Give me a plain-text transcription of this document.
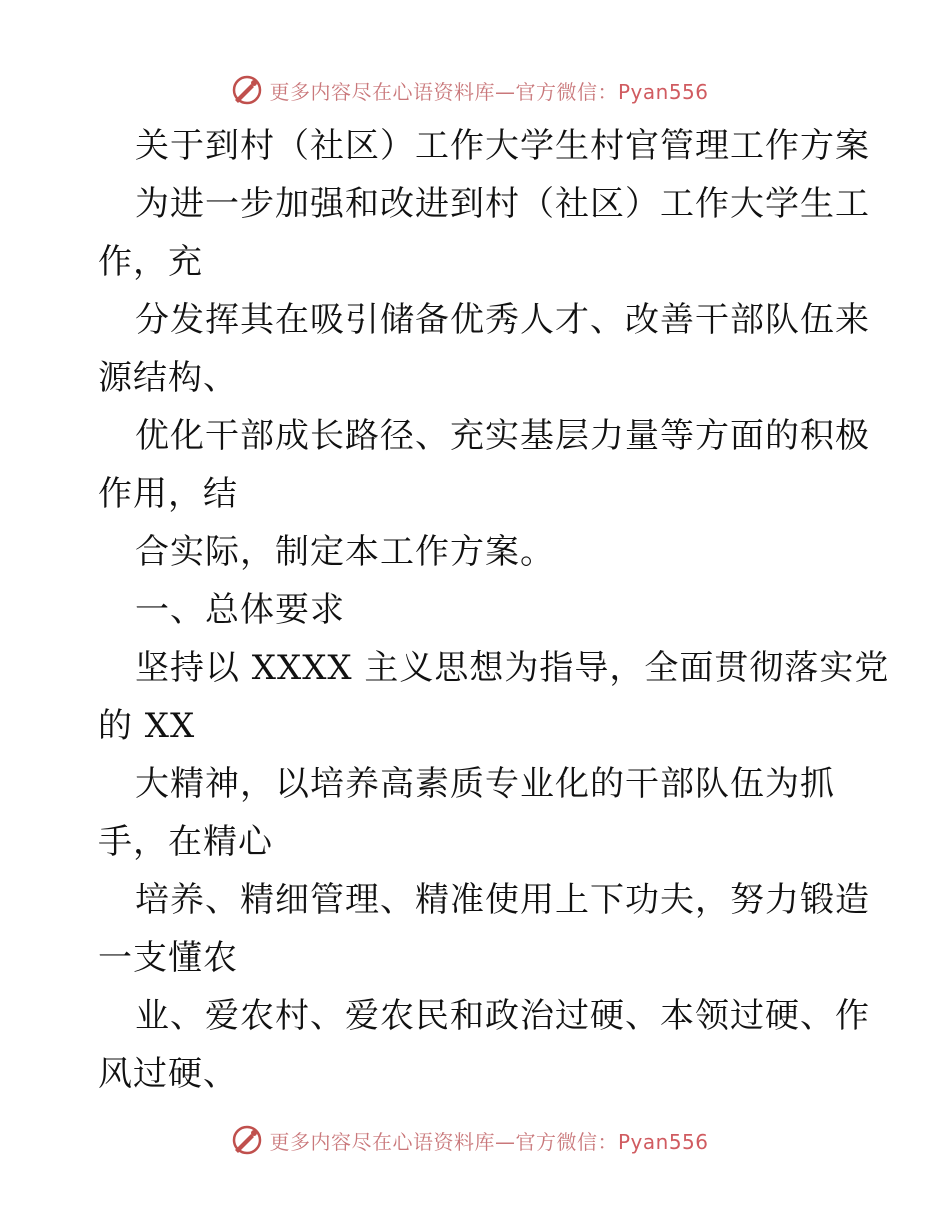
更多内容尽在心语资料库—官方微信：Pyan556
关于到村（社区）工作大学生村官管理工作方案
为进一步加强和改进到村（社区）工作大学生工
作，充
分发挥其在吸引储备优秀人才、改善干部队伍来
源结构、
优化干部成长路径、充实基层力量等方面的积极
作用，结
合实际，制定本工作方案。
一、总体要求
坚持以 XXXX 主义思想为指导，全面贯彻落实党
的 XX
大精神，以培养高素质专业化的干部队伍为抓
手，在精心
培养、精细管理、精准使用上下功夫，努力锻造
一支懂农
业、爱农村、爱农民和政治过硬、本领过硬、作
风过硬、
更多内容尽在心语资料库—官方微信：Pyan556
